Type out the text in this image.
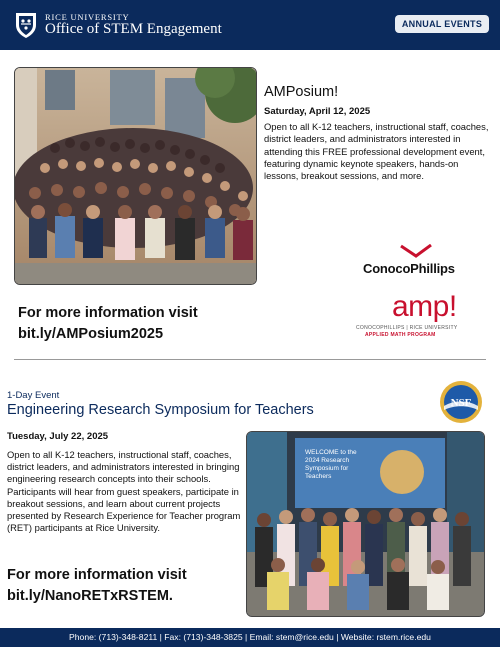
RICE UNIVERSITY
Office of STEM Engagement	ANNUAL EVENTS
AMPosium!
Saturday, April 12, 2025
Open to all K-12 teachers, instructional staff, coaches, district leaders, and administrators interested in attending this FREE professional development event, featuring dynamic keynote speakers, hands-on lessons, breakout sessions, and more.
For more information visit bit.ly/AMPosium2025
ConocoPhillips
amp!
CONOCOPHILLIPS | RICE UNIVERSITY
APPLIED MATH PROGRAM
1-Day Event
Engineering Research Symposium for Teachers	NSF
Tuesday, July 22, 2025
Open to all K-12 teachers, instructional staff, coaches, district leaders, and administrators interested in bringing engineering research concepts into their schools. Participants will hear from guest speakers, participate in breakout sessions, and learn about current projects presented by Research Experience for Teacher program (RET) participants at Rice University.
For more information visit bit.ly/NanoRETxRSTEM.
WELCOME to the 2024 Research Symposium for Teachers
Phone: (713)-348-8211 | Fax: (713)-348-3825 | Email: stem@rice.edu | Website: rstem.rice.edu
